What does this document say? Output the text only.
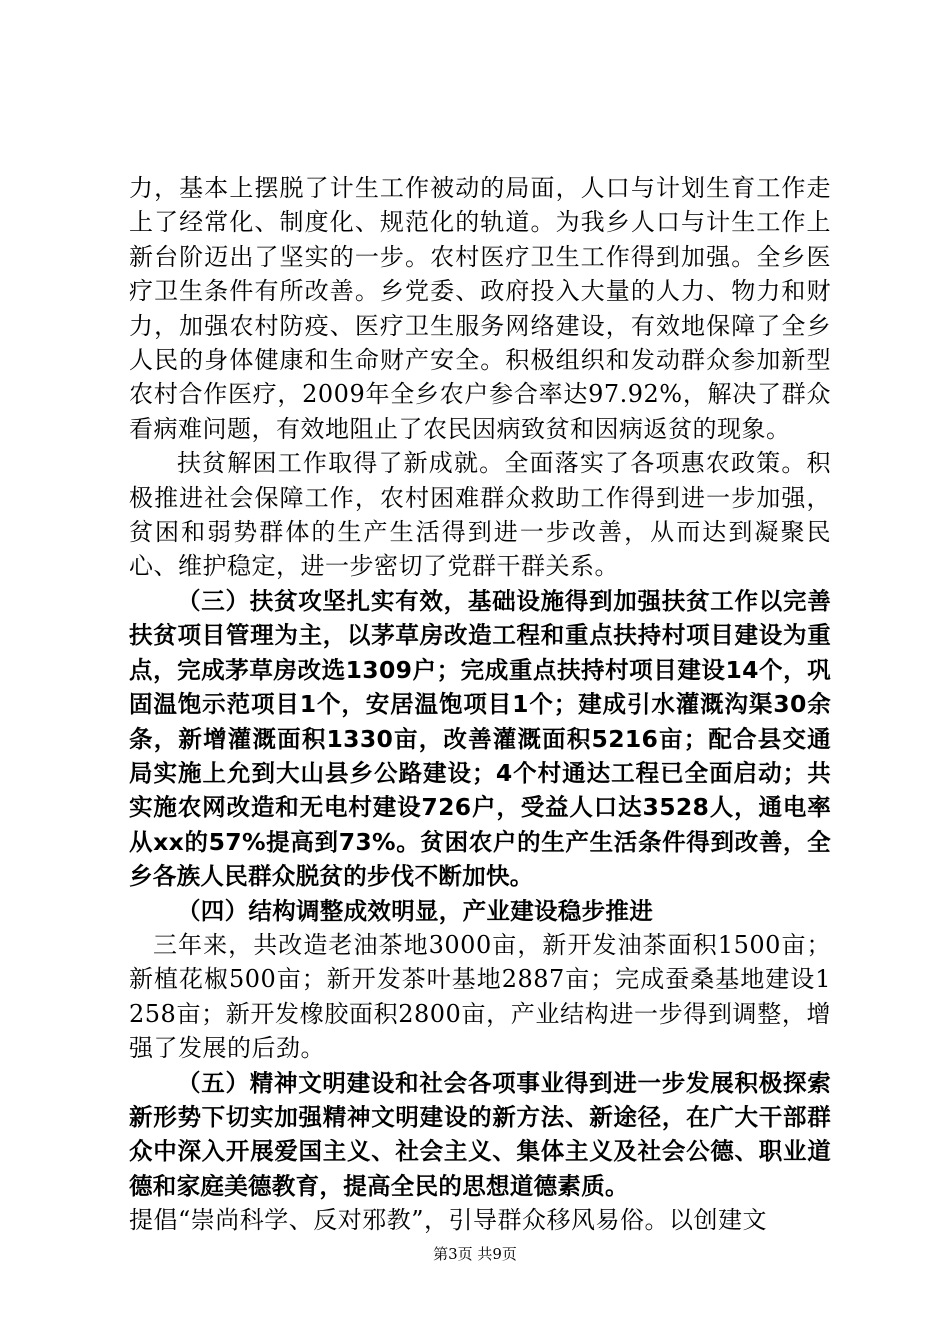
力，基本上摆脱了计生工作被动的局面，人口与计划生育工作走上了经常化、制度化、规范化的轨道。为我乡人口与计生工作上新台阶迈出了坚实的一步。农村医疗卫生工作得到加强。全乡医疗卫生条件有所改善。乡党委、政府投入大量的人力、物力和财力，加强农村防疫、医疗卫生服务网络建设，有效地保障了全乡人民的身体健康和生命财产安全。积极组织和发动群众参加新型农村合作医疗，2009年全乡农户参合率达97.92%，解决了群众看病难问题，有效地阻止了农民因病致贫和因病返贫的现象。

扶贫解困工作取得了新成就。全面落实了各项惠农政策。积极推进社会保障工作，农村困难群众救助工作得到进一步加强，贫困和弱势群体的生产生活得到进一步改善，从而达到凝聚民心、维护稳定，进一步密切了党群干群关系。

（三）扶贫攻坚扎实有效，基础设施得到加强扶贫工作以完善扶贫项目管理为主，以茅草房改造工程和重点扶持村项目建设为重点，完成茅草房改选1309户；完成重点扶持村项目建设14个，巩固温饱示范项目1个，安居温饱项目1个；建成引水灌溉沟渠30余条，新增灌溉面积1330亩，改善灌溉面积5216亩；配合县交通局实施上允到大山县乡公路建设；4个村通达工程已全面启动；共实施农网改造和无电村建设726户，受益人口达3528人，通电率从xx的57%提高到73%。贫困农户的生产生活条件得到改善，全乡各族人民群众脱贫的步伐不断加快。

（四）结构调整成效明显，产业建设稳步推进

三年来，共改造老油茶地3000亩，新开发油茶面积1500亩；新植花椒500亩；新开发茶叶基地2887亩；完成蚕桑基地建设1258亩；新开发橡胶面积2800亩，产业结构进一步得到调整，增强了发展的后劲。

（五）精神文明建设和社会各项事业得到进一步发展积极探索新形势下切实加强精神文明建设的新方法、新途径，在广大干部群众中深入开展爱国主义、社会主义、集体主义及社会公德、职业道德和家庭美德教育，提高全民的思想道德素质。

提倡“崇尚科学、反对邪教”，引导群众移风易俗。以创建文

第3页 共9页
